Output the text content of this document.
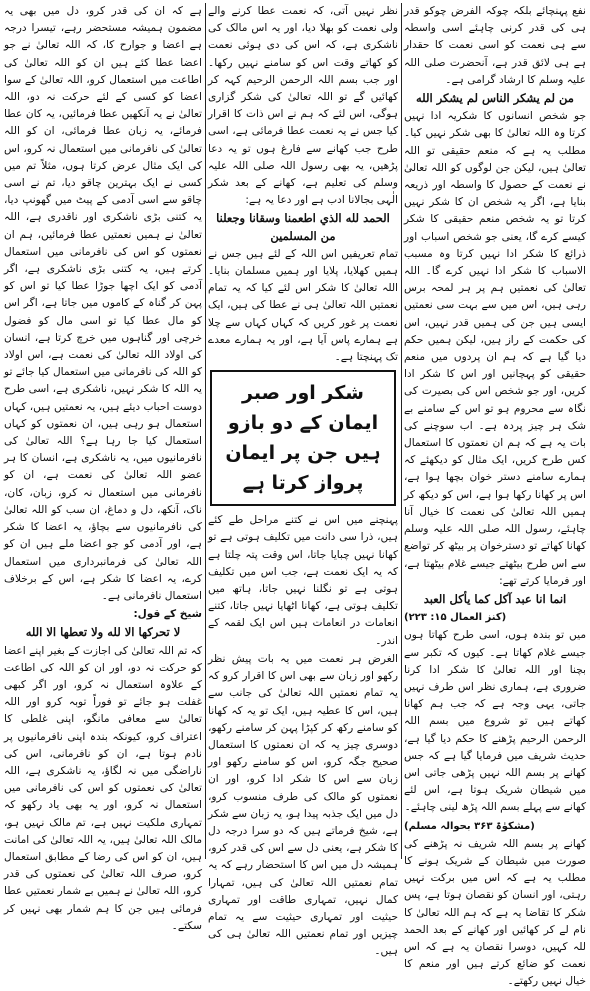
نفع پہنچائے بلکہ چوکہ الفرض چوکو قدر ہی کی قدر کرنی چاہئے اسی واسطہ سے ہی نعمت کو اسی نعمت کا حقدار ہے ہی لائق قدر ہے، آنحضرت صلی اللہ علیہ وسلم کا ارشاد گرامی ہے۔

من لم يشكر الناس لم يشكر الله

جو شخص انسانوں کا شکریہ ادا نہیں کرتا وہ اللہ تعالیٰ کا بھی شکر نہیں کیا۔ مطلب یہ ہے کہ منعم حقیقی تو اللہ تعالیٰ ہیں، لیکن جن لوگوں کو اللہ تعالیٰ نے نعمت کے حصول کا واسطہ اور ذریعہ بنایا ہے، اگر یہ شخص ان کا شکر نہیں کرتا تو یہ شخص منعم حقیقی کا شکر کیسے کرے گا، یعنی جو شخص اسباب اور ذرائع کا شکر ادا نہیں کرتا وہ مسبب الاسباب کا شکر ادا نہیں کرے گا۔ اللہ تعالیٰ کی نعمتیں ہم پر ہر لمحہ برس رہی ہیں، اس میں سے بہت سی نعمتیں ایسی ہیں جن کی ہمیں قدر نہیں، اس کی حکمت کے راز ہیں، لیکن ہمیں حکم دیا گیا ہے کہ ہم ان پردوں میں منعم حقیقی کو پہچانیں اور اس کا شکر ادا کریں، اور جو شخص اس کی بصیرت کی نگاہ سے محروم ہو تو اس کے سامنے بے شک ہر چیز پردہ ہے۔ اب سوچنے کی بات یہ ہے کہ ہم ان نعمتوں کا استعمال کس طرح کریں، ایک مثال کو دیکھئے کہ ہمارے سامنے دستر خوان بچھا ہوا ہے، اس پر کھانا رکھا ہوا ہے، اس کو دیکھ کر ہمیں اللہ تعالیٰ کی نعمت کا خیال آنا چاہئے، رسول اللہ صلی اللہ علیہ وسلم کھانا کھاتے تو دسترخوان پر بیٹھ کر تواضع سے اس طرح بیٹھتے جیسے غلام بیٹھتا ہے، اور فرمایا کرتے تھے:

انما انا عبد آكل كما يأكل العبد

(کنز العمال ۱۵: ۲۲۳)

میں تو بندہ ہوں، اسی طرح کھاتا ہوں جیسے غلام کھاتا ہے۔ کیوں کہ تکبر سے بچنا اور اللہ تعالیٰ کا شکر ادا کرنا ضروری ہے، ہماری نظر اس طرف نہیں جاتی، یہی وجہ ہے کہ جب ہم کھانا کھاتے ہیں تو شروع میں بسم اللہ الرحمن الرحیم پڑھنے کا حکم دیا گیا ہے، حدیث شریف میں فرمایا گیا ہے کہ جس کھانے پر بسم اللہ نہیں پڑھی جاتی اس میں شیطان شریک ہوتا ہے، اس لئے کھانے سے پہلے بسم اللہ پڑھ لینی چاہئے۔

(مشکوٰۃ ۳۶۳ بحوالہ مسلم)

کھانے پر بسم اللہ شریف نہ پڑھنے کی صورت میں شیطان کے شریک ہونے کا مطلب یہ ہے کہ اس میں برکت نہیں رہتی، اور انسان کو نقصان ہوتا ہے، پس شکر کا تقاضا یہ ہے کہ ہم اللہ تعالیٰ کا نام لے کر کھائیں اور کھانے کے بعد الحمد للہ کہیں، دوسرا نقصان یہ ہے کہ اس نعمت کو ضائع کرتے ہیں اور منعم کا خیال نہیں رکھتے۔

نظر نہیں آتی، کہ نعمت عطا کرنے والے ولی نعمت کو بھلا دیا، اور یہ اس مالک کی ناشکری ہے، کہ اس کی دی ہوئی نعمت کو کھاتے وقت اس کو سامنے نہیں رکھا۔ اور جب بسم اللہ الرحمن الرحیم کہہ کر کھائیں گے تو اللہ تعالیٰ کی شکر گزاری ہوگی، اس لئے کہ ہم نے اس ذات کا اقرار کیا جس نے یہ نعمت عطا فرمائی ہے، اسی طرح جب کھانے سے فارغ ہوں تو یہ دعا پڑھیں، یہ بھی رسول اللہ صلی اللہ علیہ وسلم کی تعلیم ہے، کھانے کے بعد شکر الٰہی بجالانا ادب ہے اور دعا یہ ہے:

الحمد لله الذي اطعمنا وسقانا وجعلنا من المسلمين

تمام تعریفیں اس اللہ کے لئے ہیں جس نے ہمیں کھلایا، پلایا اور ہمیں مسلمان بنایا۔ اللہ تعالیٰ کا شکر اس لئے کیا کہ یہ تمام نعمتیں اللہ تعالیٰ ہی نے عطا کی ہیں، ایک نعمت پر غور کریں کہ کہاں کہاں سے چلا ہے ہمارے پاس آیا ہے، اور یہ ہمارے معدے تک پہنچتا ہے۔

شکر اور صبر ایمان کے دو بازو
ہیں جن پر ایمان پرواز کرتا ہے

پہنچنے میں اس نے کتنے مراحل طے کئے ہیں، ذرا سی دانت میں تکلیف ہوتی ہے تو کھانا نہیں چبایا جاتا، اس وقت پتہ چلتا ہے کہ یہ ایک نعمت ہے، جب اس میں تکلیف ہوتی ہے تو نگلنا نہیں جاتا، ہاتھ میں تکلیف ہوتی ہے، کھانا اٹھایا نہیں جاتا، کتنے انعامات در انعامات ہیں اس ایک لقمہ کے اندر۔

الغرض ہر نعمت میں یہ بات پیش نظر رکھو اور زبان سے بھی اس کا اقرار کرو کہ یہ تمام نعمتیں اللہ تعالیٰ کی جانب سے ہیں، اس کا عطیہ ہیں، ایک تو یہ کہ کھانا کو سامنے رکھ کر کپڑا پہن کر سامنے رکھو، دوسری چیز یہ کہ ان نعمتوں کا استعمال صحیح جگہ کرو، اس کو سامنے رکھو اور زبان سے اس کا شکر ادا کرو، اور ان نعمتوں کو مالک کی طرف منسوب کرو، دل میں ایک جذبہ پیدا ہو، یہ زبان سے شکر ہے، شیخ فرماتے ہیں کہ دو سرا درجہ دل کا شکر ہے، یعنی دل سے اس کی قدر کرو، ہمیشہ دل میں اس کا استحضار رہے کہ یہ تمام نعمتیں اللہ تعالیٰ کی ہیں، تمہارا کمال نہیں، تمہاری طاقت اور تمہاری حیثیت اور تمہاری حیثیت سے یہ تمام چیزیں اور تمام نعمتیں اللہ تعالیٰ ہی کی ہیں۔

ہے کہ ان کی قدر کرو، دل میں بھی یہ مضمون ہمیشہ مستحضر رہے، تیسرا درجہ ہے اعضا و جوارح کا، کہ اللہ تعالیٰ نے جو اعضا عطا کئے ہیں ان کو اللہ تعالیٰ کی اطاعت میں استعمال کرو، اللہ تعالیٰ کے سوا اعضا کو کسی کے لئے حرکت نہ دو، اللہ تعالیٰ نے یہ آنکھیں عطا فرمائیں، یہ کان عطا فرمائے، یہ زبان عطا فرمائی، ان کو اللہ تعالیٰ کی نافرمانی میں استعمال نہ کرو، اس کی ایک مثال عرض کرتا ہوں، مثلاً تم میں کسی نے ایک بہترین چاقو دیا، تم نے اسی چاقو سے اسی آدمی کے پیٹ میں گھونپ دیا، یہ کتنی بڑی ناشکری اور ناقدری ہے، اللہ تعالیٰ نے ہمیں نعمتیں عطا فرمائیں، ہم ان نعمتوں کو اس کی نافرمانی میں استعمال کرتے ہیں، یہ کتنی بڑی ناشکری ہے، اگر آدمی کو ایک اچھا جوڑا عطا کیا تو اس کو پہن کر گناہ کے کاموں میں جاتا ہے، اگر اس کو مال عطا کیا تو اسی مال کو فضول خرچی اور گناہوں میں خرچ کرتا ہے، انسان کی اولاد اللہ تعالیٰ کی نعمت ہے، اس اولاد کو اللہ کی نافرمانی میں استعمال کیا جائے تو یہ اللہ کا شکر نہیں، ناشکری ہے، اسی طرح دوست احباب دیئے ہیں، یہ نعمتیں ہیں، کہاں استعمال ہو رہی ہیں، ان نعمتوں کو کہاں استعمال کیا جا رہا ہے؟ اللہ تعالیٰ کی نافرمانیوں میں، یہ ناشکری ہے، انسان کا ہر عضو اللہ تعالیٰ کی نعمت ہے، ان کو نافرمانی میں استعمال نہ کرو، زبان، کان، ناک، آنکھ، دل و دماغ، ان سب کو اللہ تعالیٰ کی نافرمانیوں سے بچاؤ، یہ اعضا کا شکر ہے، اور آدمی کو جو اعضا ملے ہیں ان کو اللہ تعالیٰ کی فرمانبرداری میں استعمال کرے، یہ اعضا کا شکر ہے، اس کے برخلاف استعمال نافرمانی ہے۔

شیخ کے قول:

لا تحركها الا لله ولا تعطها الا الله

کہ تم اللہ تعالیٰ کی اجازت کے بغیر اپنے اعضا کو حرکت نہ دو، اور ان کو اللہ کی اطاعت کے علاوہ استعمال نہ کرو، اور اگر کبھی غفلت ہو جائے تو فوراً توبہ کرو اور اللہ تعالیٰ سے معافی مانگو، اپنی غلطی کا اعتراف کرو، کیونکہ بندہ اپنی نافرمانیوں پر نادم ہوتا ہے، ان کو نافرمانی، اس کی ناراضگی میں نہ لگاؤ، یہ ناشکری ہے، اللہ تعالیٰ کی نعمتوں کو اس کی نافرمانی میں استعمال نہ کرو، اور یہ بھی یاد رکھو کہ تمہاری ملکیت نہیں ہے، تم مالک نہیں ہو، مالک اللہ تعالیٰ ہیں، یہ اللہ تعالیٰ کی امانت ہیں، ان کو اس کی رضا کے مطابق استعمال کرو، صرف اللہ تعالیٰ کی نعمتوں کی قدر کرو، اللہ تعالیٰ نے ہمیں بے شمار نعمتیں عطا فرمائی ہیں جن کا ہم شمار بھی نہیں کر سکتے۔
